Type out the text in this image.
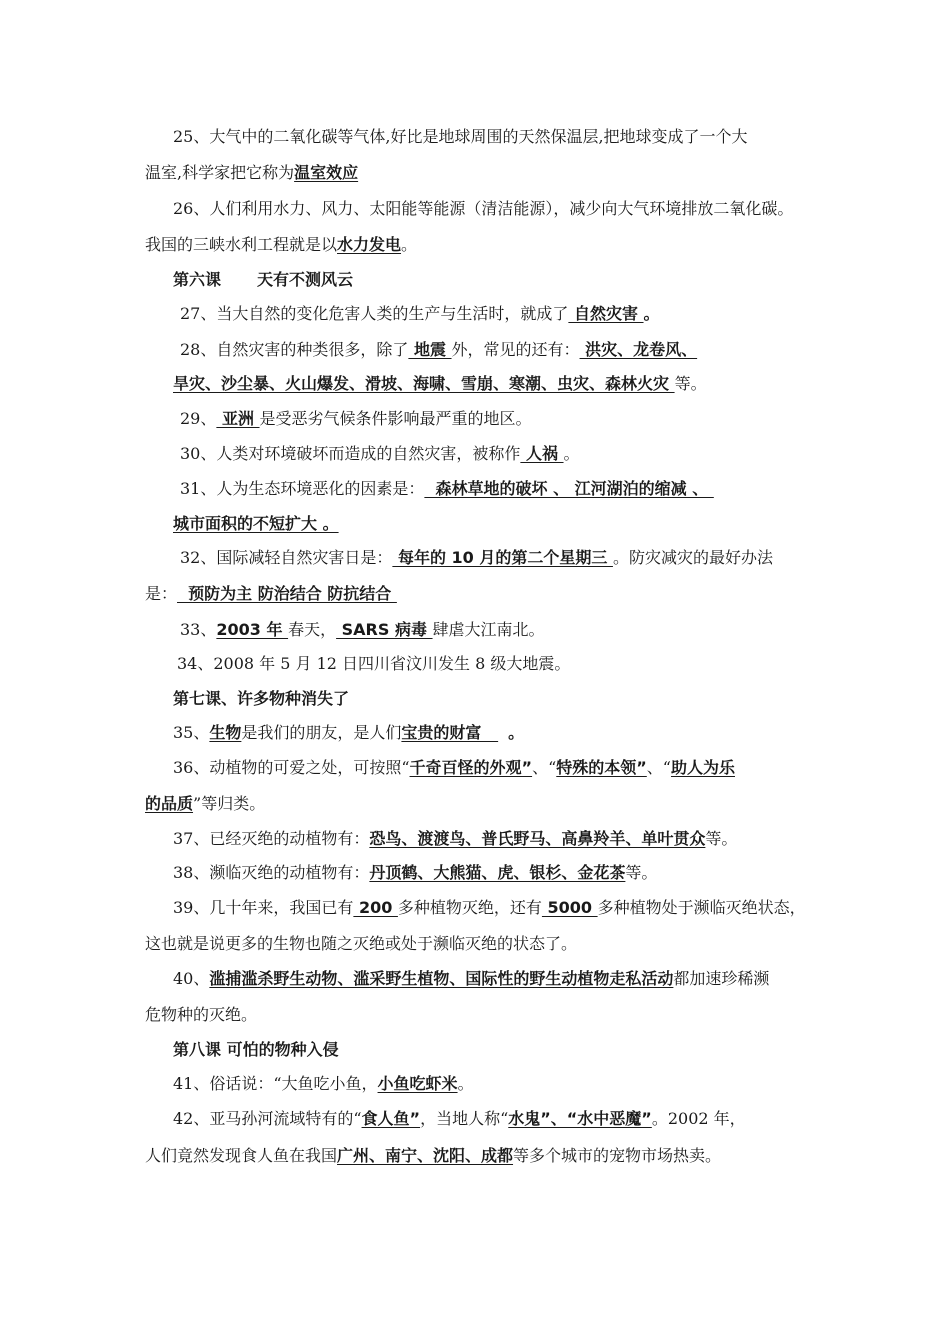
25、大气中的二氧化碳等气体,好比是地球周围的天然保温层,把地球变成了一个大
温室,科学家把它称为温室效应
26、人们利用水力、风力、太阳能等能源（清洁能源），减少向大气环境排放二氧化碳。
我国的三峡水利工程就是以水力发电。
第六课 天有不测风云
27、当大自然的变化危害人类的生产与生活时，就成了 自然灾害 。
28、自然灾害的种类很多，除了 地震 外，常见的还有： 洪灾、龙卷风、
旱灾、沙尘暴、火山爆发、滑坡、海啸、雪崩、寒潮、虫灾、森林火灾 等。
29、 亚洲 是受恶劣气候条件影响最严重的地区。
30、人类对环境破坏而造成的自然灾害，被称作 人祸 。
31、人为生态环境恶化的因素是：  森林草地的破坏 、 江河湖泊的缩减 、
城市面积的不短扩大 。
32、国际减轻自然灾害日是： 每年的 10 月的第二个星期三 。防灾减灾的最好办法
是：  预防为主 防治结合 防抗结合
33、2003 年 春天， SARS 病毒 肆虐大江南北。
34、2008 年 5 月 12 日四川省汶川发生 8 级大地震。
第七课、许多物种消失了
35、生物是我们的朋友，是人们宝贵的财富   。
36、动植物的可爱之处，可按照“千奇百怪的外观”、“特殊的本领”、“助人为乐
的品质”等归类。
37、已经灭绝的动植物有：恐鸟、渡渡鸟、普氏野马、高鼻羚羊、单叶贯众等。
38、濒临灭绝的动植物有：丹顶鹤、大熊猫、虎、银杉、金花茶等。
39、几十年来，我国已有 200 多种植物灭绝，还有 5000 多种植物处于濒临灭绝状态，
这也就是说更多的生物也随之灭绝或处于濒临灭绝的状态了。
40、滥捕滥杀野生动物、滥采野生植物、国际性的野生动植物走私活动都加速珍稀濒
危物种的灭绝。
第八课 可怕的物种入侵
41、俗话说：“大鱼吃小鱼，小鱼吃虾米。
42、亚马孙河流域特有的“食人鱼”，当地人称“水鬼”、“水中恶魔”。2002 年，
人们竟然发现食人鱼在我国广州、南宁、沈阳、成都等多个城市的宠物市场热卖。
